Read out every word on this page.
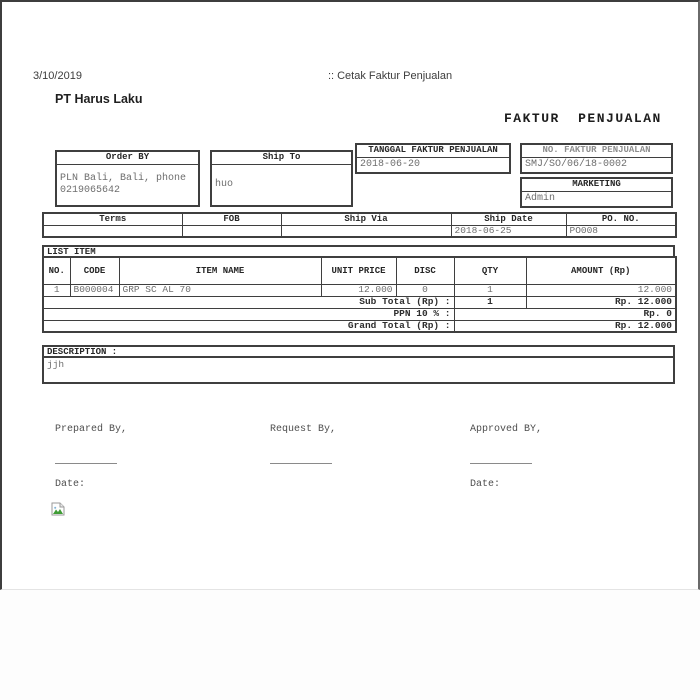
3/10/2019	:: Cetak Faktur Penjualan
PT Harus Laku
FAKTUR PENJUALAN
Order BY
PLN Bali, Bali, phone 0219065642
Ship To
huo
TANGGAL FAKTUR PENJUALAN
2018-06-20
NO. FAKTUR PENJUALAN
SMJ/SO/06/18-0002
MARKETING
Admin
Terms	FOB	Ship Via	Ship Date	PO. NO.
			2018-06-25	PO008
LIST ITEM
NO.	CODE	ITEM NAME	UNIT PRICE	DISC	QTY	AMOUNT (Rp)
1	B000004	GRP SC AL 70	12.000	0	1	12.000
Sub Total (Rp) :					1	Rp. 12.000
PPN 10 % :					Rp. 0	
Grand Total (Rp) :					Rp. 12.000	
DESCRIPTION :
jjh
Prepared By,	Request By,	Approved BY,
Date:	Date:
